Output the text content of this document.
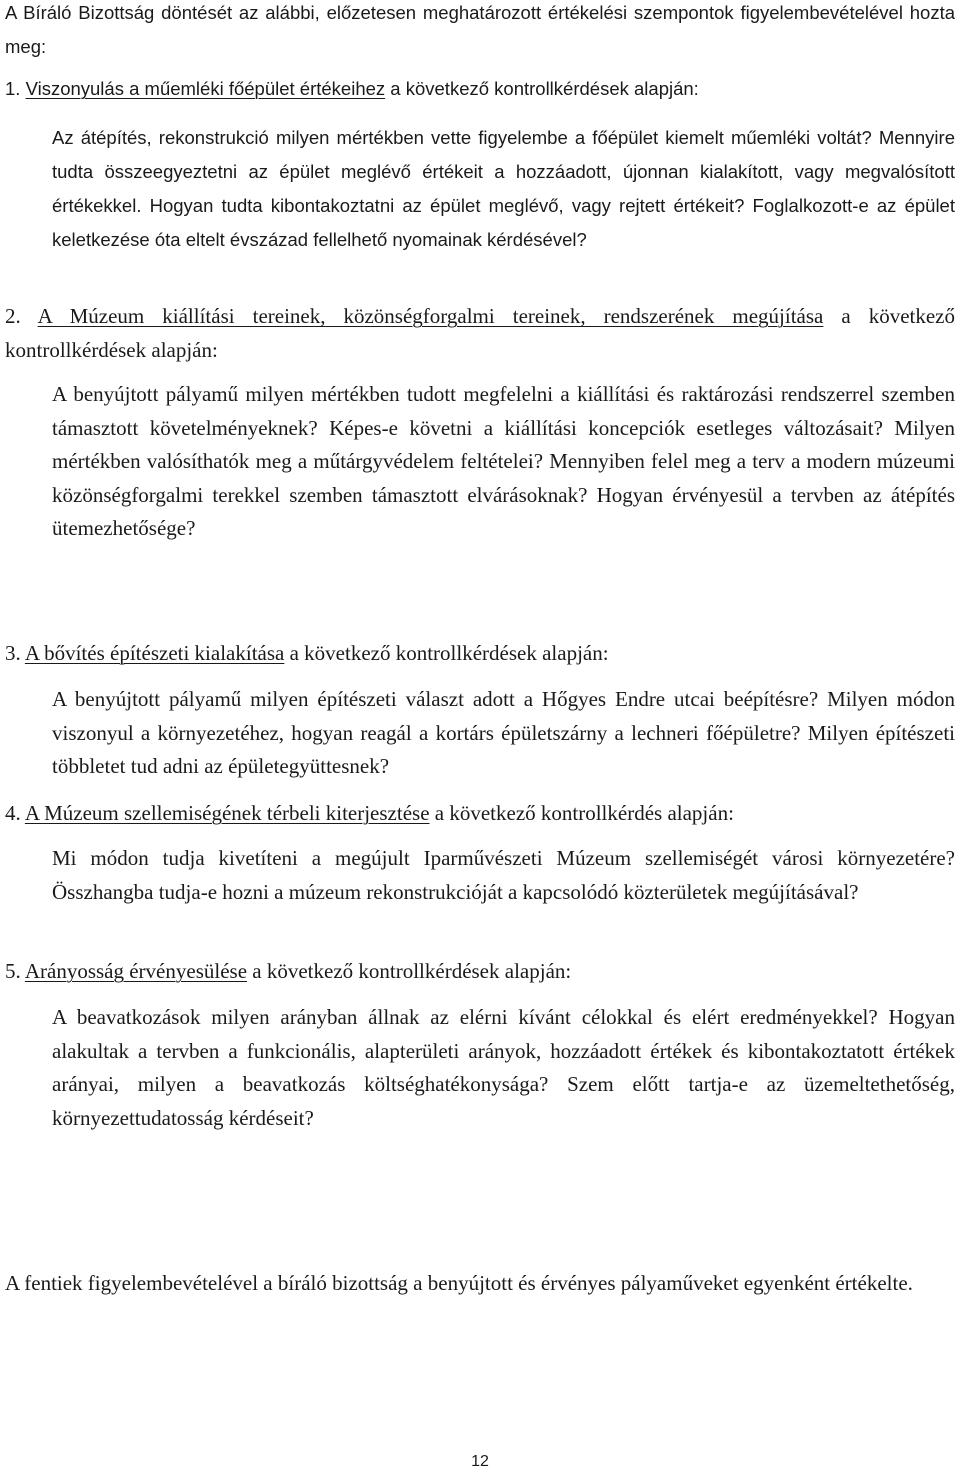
A Bíráló Bizottság döntését az alábbi, előzetesen meghatározott értékelési szempontok figyelembevételével hozta meg:

1. Viszonyulás a műemléki főépület értékeihez a következő kontrollkérdések alapján:

Az átépítés, rekonstrukció milyen mértékben vette figyelembe a főépület kiemelt műemléki voltát? Mennyire tudta összeegyeztetni az épület meglévő értékeit a hozzáadott, újonnan kialakított, vagy megvalósított értékekkel. Hogyan tudta kibontakoztatni az épület meglévő, vagy rejtett értékeit? Foglalkozott-e az épület keletkezése óta eltelt évszázad fellelhető nyomainak kérdésével?

2. A Múzeum kiállítási tereinek, közönségforgalmi tereinek, rendszerének megújítása a következő kontrollkérdések alapján:

A benyújtott pályamű milyen mértékben tudott megfelelni a kiállítási és raktározási rendszerrel szemben támasztott követelményeknek? Képes-e követni a kiállítási koncepciók esetleges változásait? Milyen mértékben valósíthatók meg a műtárgyvédelem feltételei? Mennyiben felel meg a terv a modern múzeumi közönségforgalmi terekkel szemben támasztott elvárásoknak? Hogyan érvényesül a tervben az átépítés ütemezhetősége?

3. A bővítés építészeti kialakítása a következő kontrollkérdések alapján:

A benyújtott pályamű milyen építészeti választ adott a Hőgyes Endre utcai beépítésre? Milyen módon viszonyul a környezetéhez, hogyan reagál a kortárs épületszárny a lechneri főépületre? Milyen építészeti többletet tud adni az épületegyüttesnek?

4. A Múzeum szellemiségének térbeli kiterjesztése a következő kontrollkérdés alapján:

Mi módon tudja kivetíteni a megújult Iparművészeti Múzeum szellemiségét városi környezetére? Összhangba tudja-e hozni a múzeum rekonstrukcióját a kapcsolódó közterületek megújításával?

5. Arányosság érvényesülése a következő kontrollkérdések alapján:

A beavatkozások milyen arányban állnak az elérni kívánt célokkal és elért eredményekkel? Hogyan alakultak a tervben a funkcionális, alapterületi arányok, hozzáadott értékek és kibontakoztatott értékek arányai, milyen a beavatkozás költséghatékonysága? Szem előtt tartja-e az üzemeltethetőség, környezettudatosság kérdéseit?

A fentiek figyelembevételével a bíráló bizottság a benyújtott és érvényes pályaműveket egyenként értékelte.

12
